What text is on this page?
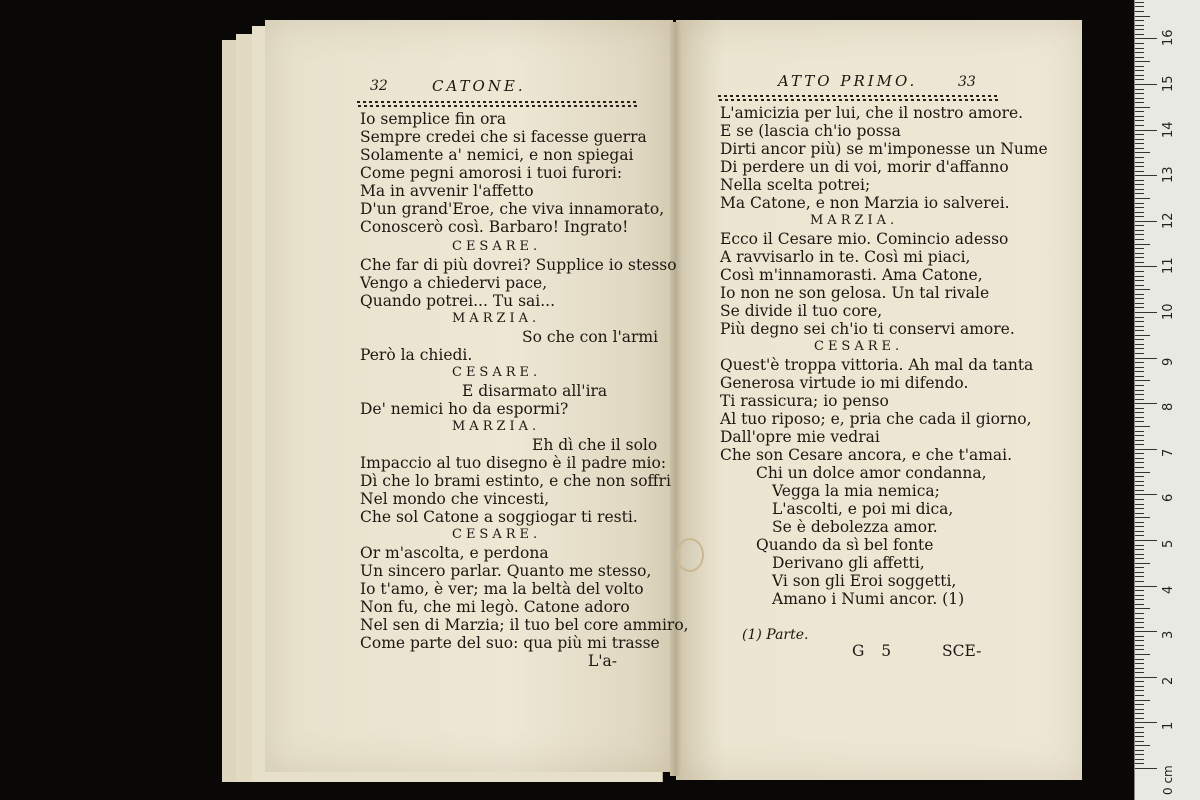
32	CATONE.
Io semplice fin ora
Sempre credei che si facesse guerra
Solamente a' nemici, e non spiegai
Come pegni amorosi i tuoi furori:
Ma in avvenir l'affetto
D'un grand'Eroe, che viva innamorato,
Conoscerò così. Barbaro! Ingrato!
CESARE.
Che far di più dovrei? Supplice io stesso
Vengo a chiedervi pace,
Quando potrei... Tu sai...
MARZIA.
So che con l'armi
Però la chiedi.
CESARE.
E disarmato all'ira
De' nemici ho da espormi?
MARZIA.
Eh dì che il solo
Impaccio al tuo disegno è il padre mio:
Dì che lo brami estinto, e che non soffri
Nel mondo che vincesti,
Che sol Catone a soggiogar ti resti.
CESARE.
Or m'ascolta, e perdona
Un sincero parlar. Quanto me stesso,
Io t'amo, è ver; ma la beltà del volto
Non fu, che mi legò. Catone adoro
Nel sen di Marzia; il tuo bel core ammiro,
Come parte del suo: qua più mi trasse
L'a-
ATTO PRIMO.	33
L'amicizia per lui, che il nostro amore.
E se (lascia ch'io possa
Dirti ancor più) se m'imponesse un Nume
Di perdere un di voi, morir d'affanno
Nella scelta potrei;
Ma Catone, e non Marzia io salverei.
MARZIA.
Ecco il Cesare mio. Comincio adesso
A ravvisarlo in te. Così mi piaci,
Così m'innamorasti. Ama Catone,
Io non ne son gelosa. Un tal rivale
Se divide il tuo core,
Più degno sei ch'io ti conservi amore.
CESARE.
Quest'è troppa vittoria. Ah mal da tanta
Generosa virtude io mi difendo.
Ti rassicura; io penso
Al tuo riposo; e, pria che cada il giorno,
Dall'opre mie vedrai
Che son Cesare ancora, e che t'amai.
Chi un dolce amor condanna,
Vegga la mia nemica;
L'ascolti, e poi mi dica,
Se è debolezza amor.
Quando da sì bel fonte
Derivano gli affetti,
Vi son gli Eroi soggetti,
Amano i Numi ancor. (1)
(1) Parte.
G 5	SCE-
0 cm
1
2
3
4
5
6
7
8
9
10
11
12
13
14
15
16
